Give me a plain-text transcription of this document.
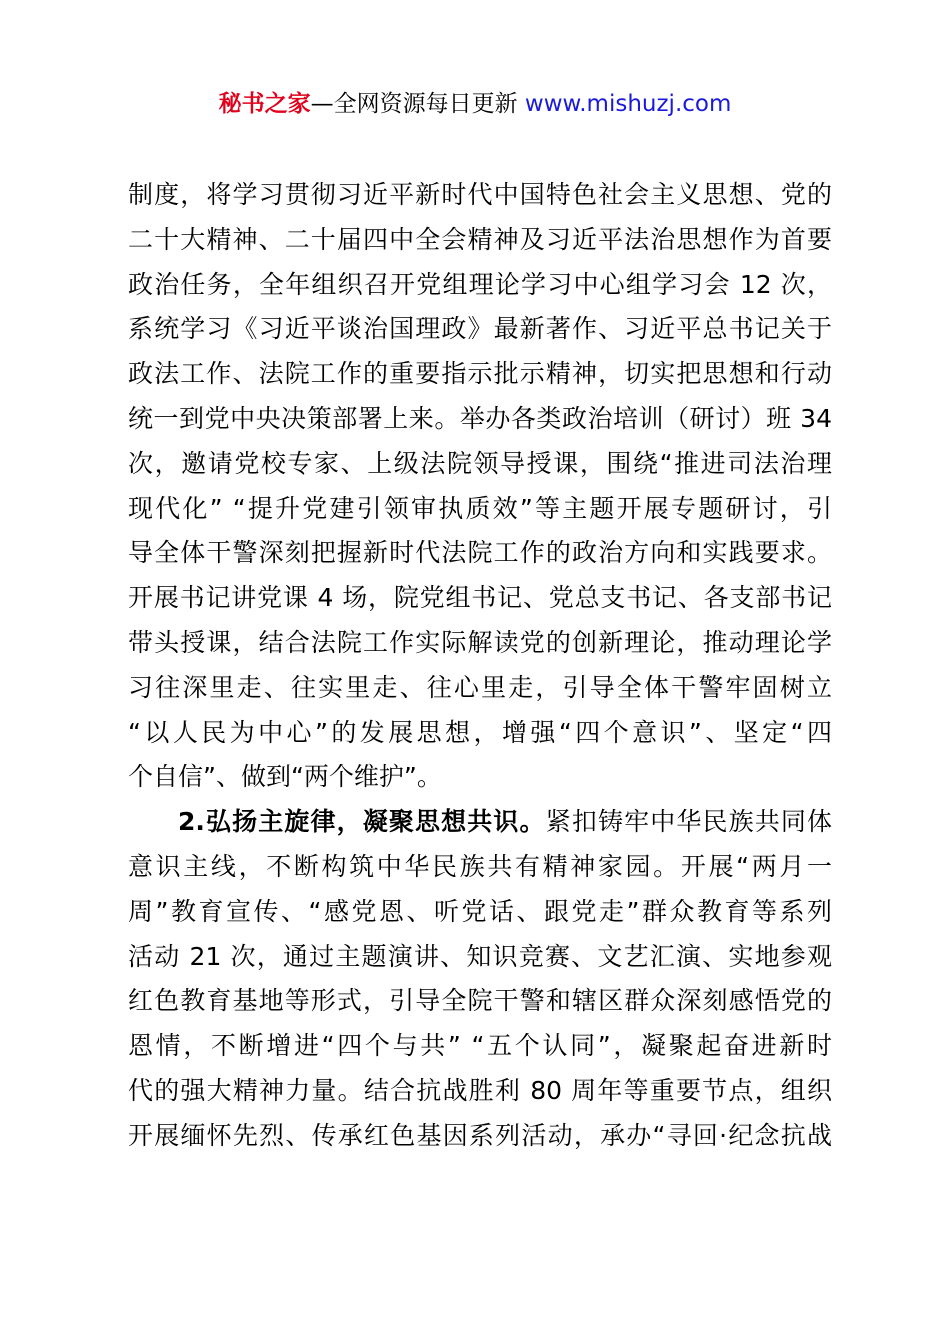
秘书之家—全网资源每日更新 www.mishuzj.com
制度，将学习贯彻习近平新时代中国特色社会主义思想、党的
二十大精神、二十届四中全会精神及习近平法治思想作为首要
政治任务，全年组织召开党组理论学习中心组学习会 12 次，
系统学习《习近平谈治国理政》最新著作、习近平总书记关于
政法工作、法院工作的重要指示批示精神，切实把思想和行动
统一到党中央决策部署上来。举办各类政治培训（研讨）班 34
次，邀请党校专家、上级法院领导授课，围绕“推进司法治理
现代化” “提升党建引领审执质效”等主题开展专题研讨，引
导全体干警深刻把握新时代法院工作的政治方向和实践要求。
开展书记讲党课 4 场，院党组书记、党总支书记、各支部书记
带头授课，结合法院工作实际解读党的创新理论，推动理论学
习往深里走、往实里走、往心里走，引导全体干警牢固树立
“以人民为中心”的发展思想，增强“四个意识”、坚定“四
个自信”、做到“两个维护”。
2.弘扬主旋律，凝聚思想共识。紧扣铸牢中华民族共同体
意识主线，不断构筑中华民族共有精神家园。开展“两月一
周”教育宣传、“感党恩、听党话、跟党走”群众教育等系列
活动 21 次，通过主题演讲、知识竞赛、文艺汇演、实地参观
红色教育基地等形式，引导全院干警和辖区群众深刻感悟党的
恩情，不断增进“四个与共” “五个认同”，凝聚起奋进新时
代的强大精神力量。结合抗战胜利 80 周年等重要节点，组织
开展缅怀先烈、传承红色基因系列活动，承办“寻回·纪念抗战
